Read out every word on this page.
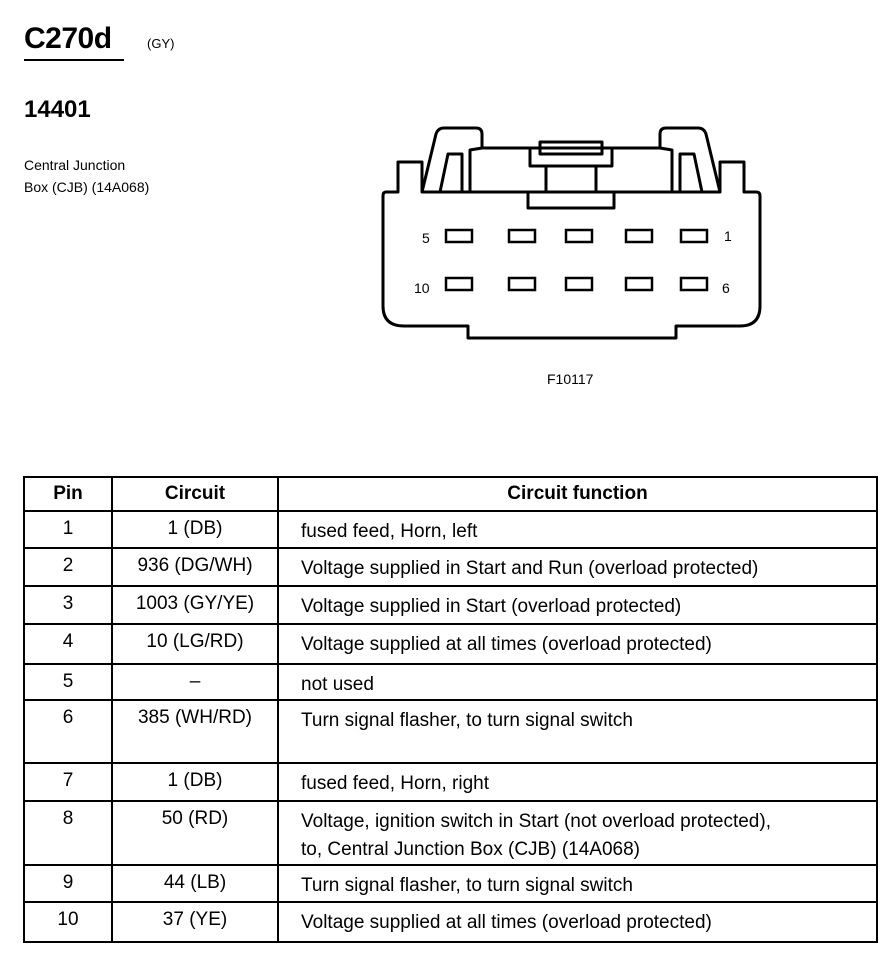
C270d	(GY)
14401
Central Junction
Box (CJB) (14A068)
5	1
10	6
F10117
Pin	Circuit	Circuit function
1	1 (DB)	fused feed, Horn, left
2	936 (DG/WH)	Voltage supplied in Start and Run (overload protected)
3	1003 (GY/YE)	Voltage supplied in Start (overload protected)
4	10 (LG/RD)	Voltage supplied at all times (overload protected)
5	–	not used
6	385 (WH/RD)	Turn signal flasher, to turn signal switch
7	1 (DB)	fused feed, Horn, right
8	50 (RD)	Voltage, ignition switch in Start (not overload protected),
to, Central Junction Box (CJB) (14A068)

9	44 (LB)	Turn signal flasher, to turn signal switch
10	37 (YE)	Voltage supplied at all times (overload protected)
